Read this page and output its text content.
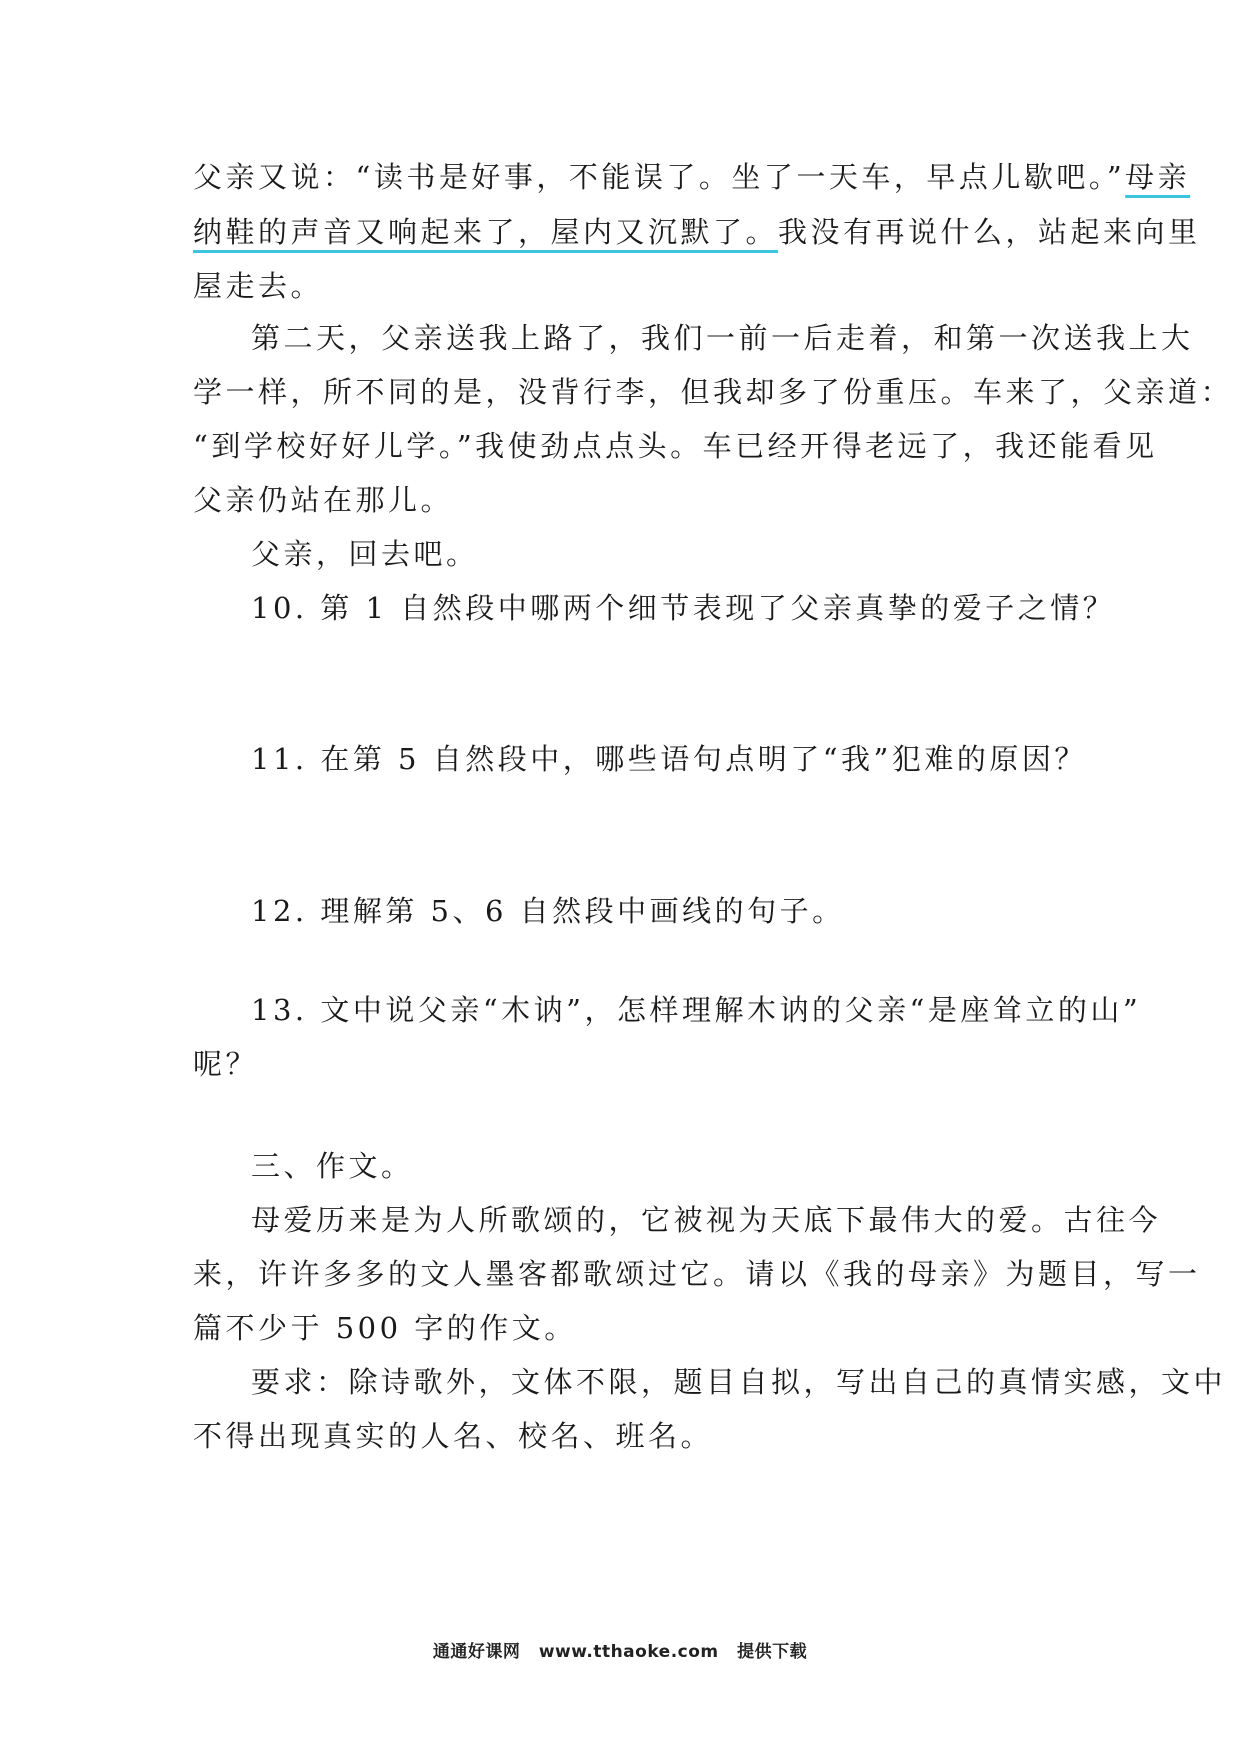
父亲又说：“读书是好事，不能误了。坐了一天车，早点儿歇吧。”母亲
纳鞋的声音又响起来了，屋内又沉默了。我没有再说什么，站起来向里
屋走去。
第二天，父亲送我上路了，我们一前一后走着，和第一次送我上大
学一样，所不同的是，没背行李，但我却多了份重压。车来了，父亲道：
“到学校好好儿学。”我使劲点点头。车已经开得老远了，我还能看见
父亲仍站在那儿。
父亲，回去吧。
10. 第 1 自然段中哪两个细节表现了父亲真挚的爱子之情？
11. 在第 5 自然段中，哪些语句点明了“我”犯难的原因？
12. 理解第 5、6 自然段中画线的句子。
13. 文中说父亲“木讷”，怎样理解木讷的父亲“是座耸立的山”
呢？
三、作文。
母爱历来是为人所歌颂的，它被视为天底下最伟大的爱。古往今
来，许许多多的文人墨客都歌颂过它。请以《我的母亲》为题目，写一
篇不少于 500 字的作文。
要求：除诗歌外，文体不限，题目自拟，写出自己的真情实感，文中
不得出现真实的人名、校名、班名。
通通好课网 www.tthaoke.com 提供下载
